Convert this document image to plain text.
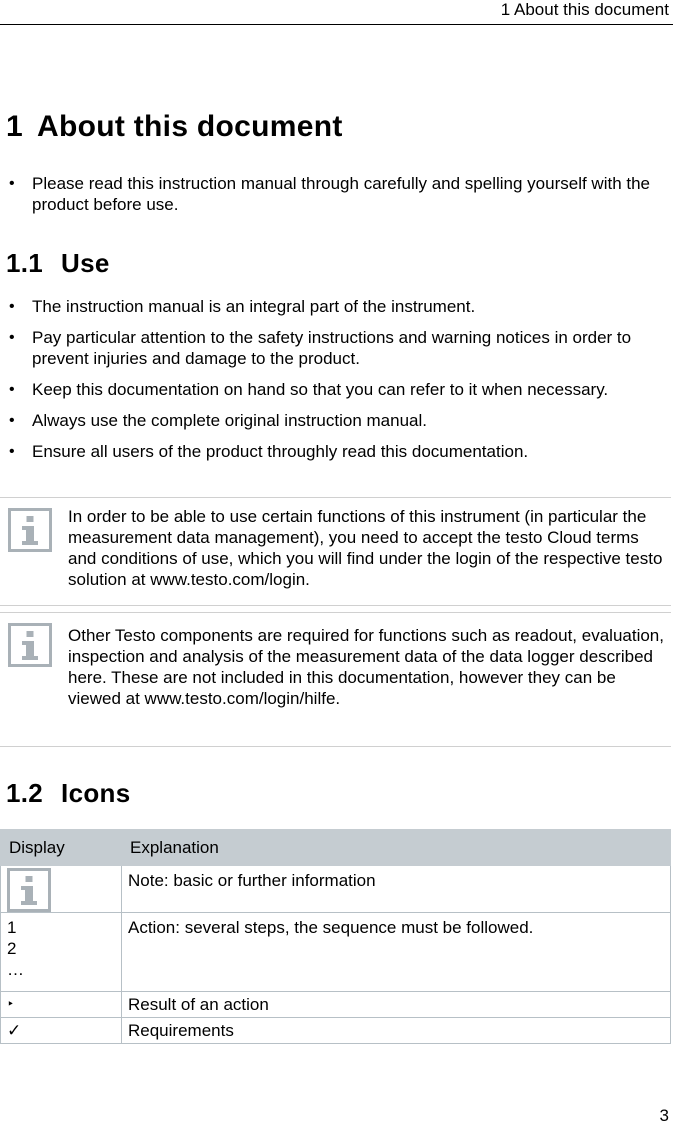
1 About this document
1 About this document
• Please read this instruction manual through carefully and spelling yourself with the product before use.
1.1 Use
• The instruction manual is an integral part of the instrument.
• Pay particular attention to the safety instructions and warning notices in order to prevent injuries and damage to the product.
• Keep this documentation on hand so that you can refer to it when necessary.
• Always use the complete original instruction manual.
• Ensure all users of the product throughly read this documentation.
In order to be able to use certain functions of this instrument (in particular the measurement data management), you need to accept the testo Cloud terms and conditions of use, which you will find under the login of the respective testo solution at www.testo.com/login.
Other Testo components are required for functions such as readout, evaluation, inspection and analysis of the measurement data of the data logger described here. These are not included in this documentation, however they can be viewed at www.testo.com/login/hilfe.
1.2 Icons
Display	Explanation

	Note: basic or further information

1
2
…	Action: several steps, the sequence must be followed.
‣	Result of an action
✓	Requirements
3
